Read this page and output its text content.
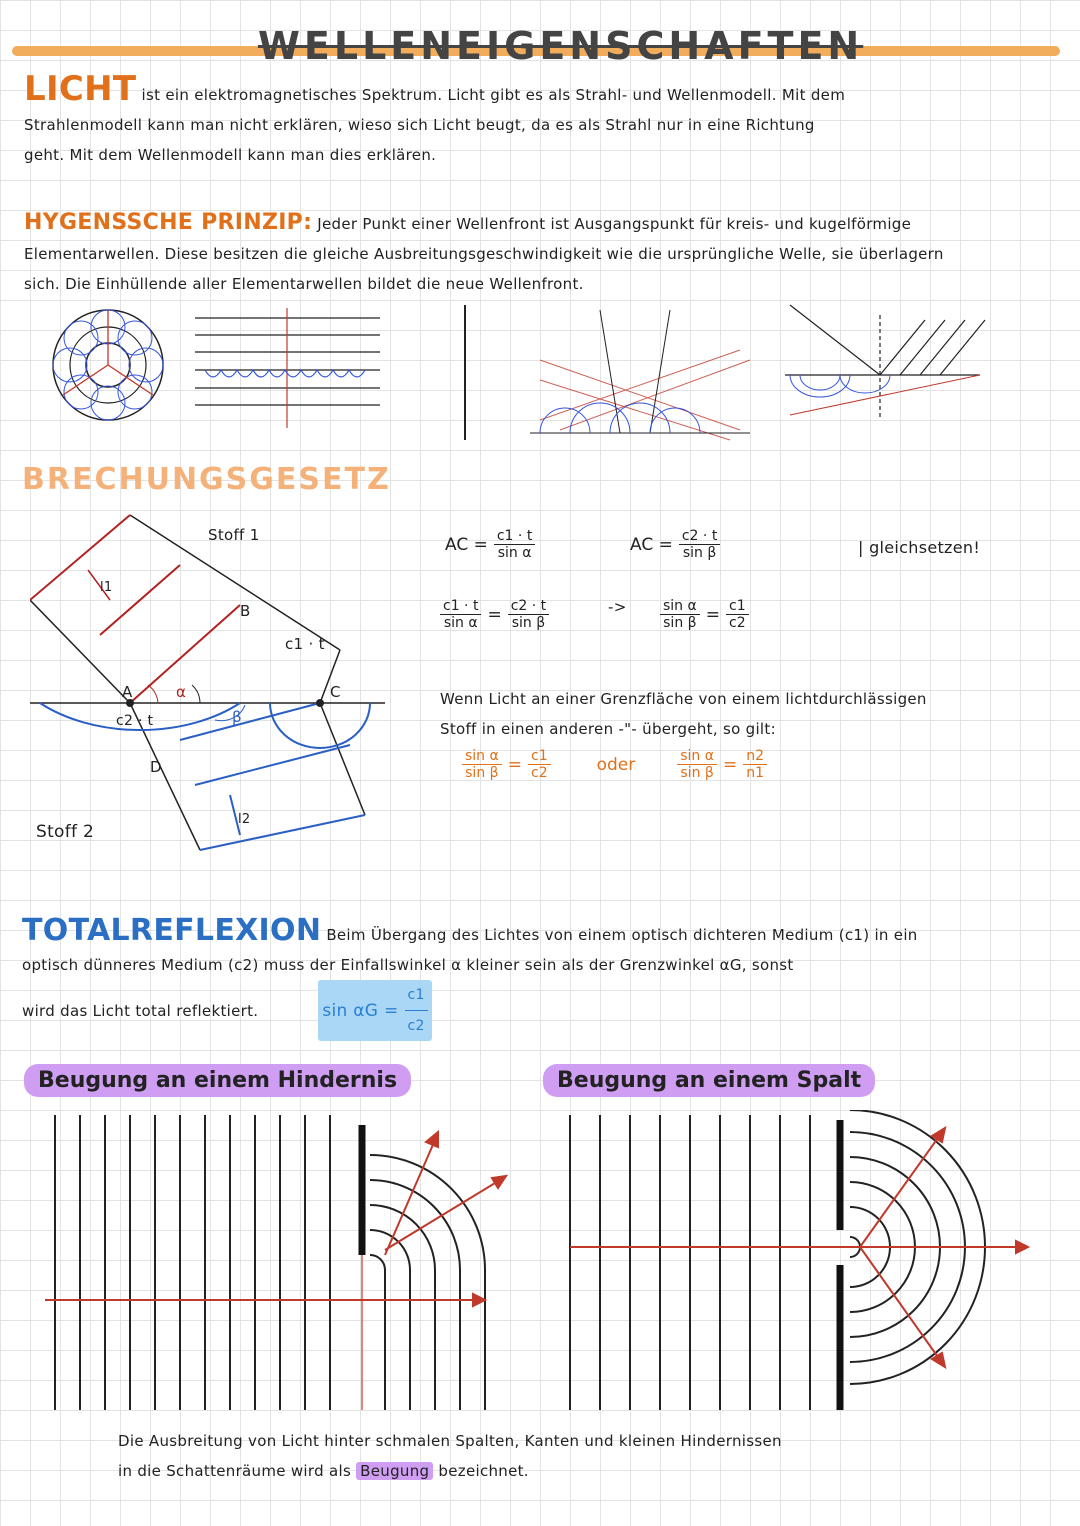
WELLENEIGENSCHAFTEN
LICHT ist ein elektromagnetisches Spektrum. Licht gibt es als Strahl- und Wellenmodell. Mit dem
Strahlenmodell kann man nicht erklären, wieso sich Licht beugt, da es als Strahl nur in eine Richtung
geht. Mit dem Wellenmodell kann man dies erklären.
HYGENSSCHE PRINZIP: Jeder Punkt einer Wellenfront ist Ausgangspunkt für kreis- und kugelförmige
Elementarwellen. Diese besitzen die gleiche Ausbreitungsgeschwindigkeit wie die ursprüngliche Welle, sie überlagern
sich. Die Einhüllende aller Elementarwellen bildet die neue Wellenfront.
BRECHUNGSGESETZ
Stoff 1
Stoff 2
A
B
C
D
l1
l2
c1 · t
c2 · t
α
β
AC = $\frac{c1 \cdot t}{\text{sin α}}$	AC = $\frac{c2 \cdot t}{\text{sin β}}$	| gleichsetzen!
$\frac{c1 \cdot t}{\text{sin α}} = \frac{c2 \cdot t}{\text{sin β}}$	-> $\frac{\text{sin α}}{\text{sin β}} = \frac{c1}{c2}$
Wenn Licht an einer Grenzfläche von einem lichtdurchlässigen
Stoff in einen anderen -"- übergeht, so gilt:
$\frac{\text{sin α}}{\text{sin β}} = \frac{c1}{c2}$	oder	$\frac{\text{sin α}}{\text{sin β}} = \frac{n2}{n1}$
TOTALREFLEXION Beim Übergang des Lichtes von einem optisch dichteren Medium (c1) in ein
optisch dünneres Medium (c2) muss der Einfallswinkel α kleiner sein als der Grenzwinkel αG, sonst
wird das Licht total reflektiert.	$\sin \alpha G = \frac{c1}{c2}$
Beugung an einem Hindernis	Beugung an einem Spalt
Die Ausbreitung von Licht hinter schmalen Spalten, Kanten und kleinen Hindernissen
in die Schattenräume wird als Beugung bezeichnet.
